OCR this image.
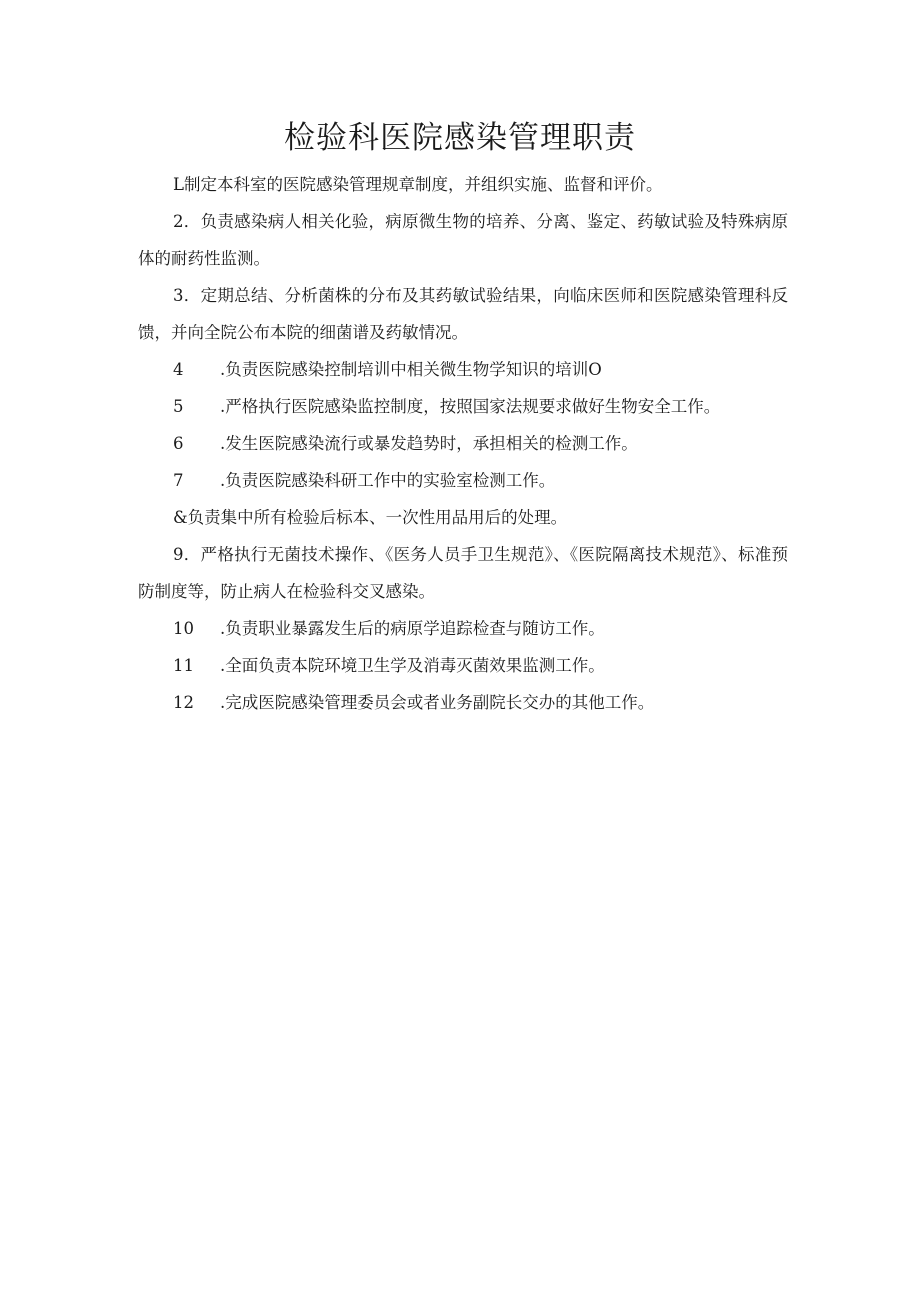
检验科医院感染管理职责

L制定本科室的医院感染管理规章制度，并组织实施、监督和评价。

2．负责感染病人相关化验，病原微生物的培养、分离、鉴定、药敏试验及特殊病原体的耐药性监测。

3．定期总结、分析菌株的分布及其药敏试验结果，向临床医师和医院感染管理科反馈，并向全院公布本院的细菌谱及药敏情况。

4	.负责医院感染控制培训中相关微生物学知识的培训O

5	.严格执行医院感染监控制度，按照国家法规要求做好生物安全工作。

6	.发生医院感染流行或暴发趋势时，承担相关的检测工作。

7	.负责医院感染科研工作中的实验室检测工作。

&负责集中所有检验后标本、一次性用品用后的处理。

9．严格执行无菌技术操作、《医务人员手卫生规范》、《医院隔离技术规范》、标准预防制度等，防止病人在检验科交叉感染。

10	.负责职业暴露发生后的病原学追踪检查与随访工作。

11	.全面负责本院环境卫生学及消毒灭菌效果监测工作。

12	.完成医院感染管理委员会或者业务副院长交办的其他工作。
